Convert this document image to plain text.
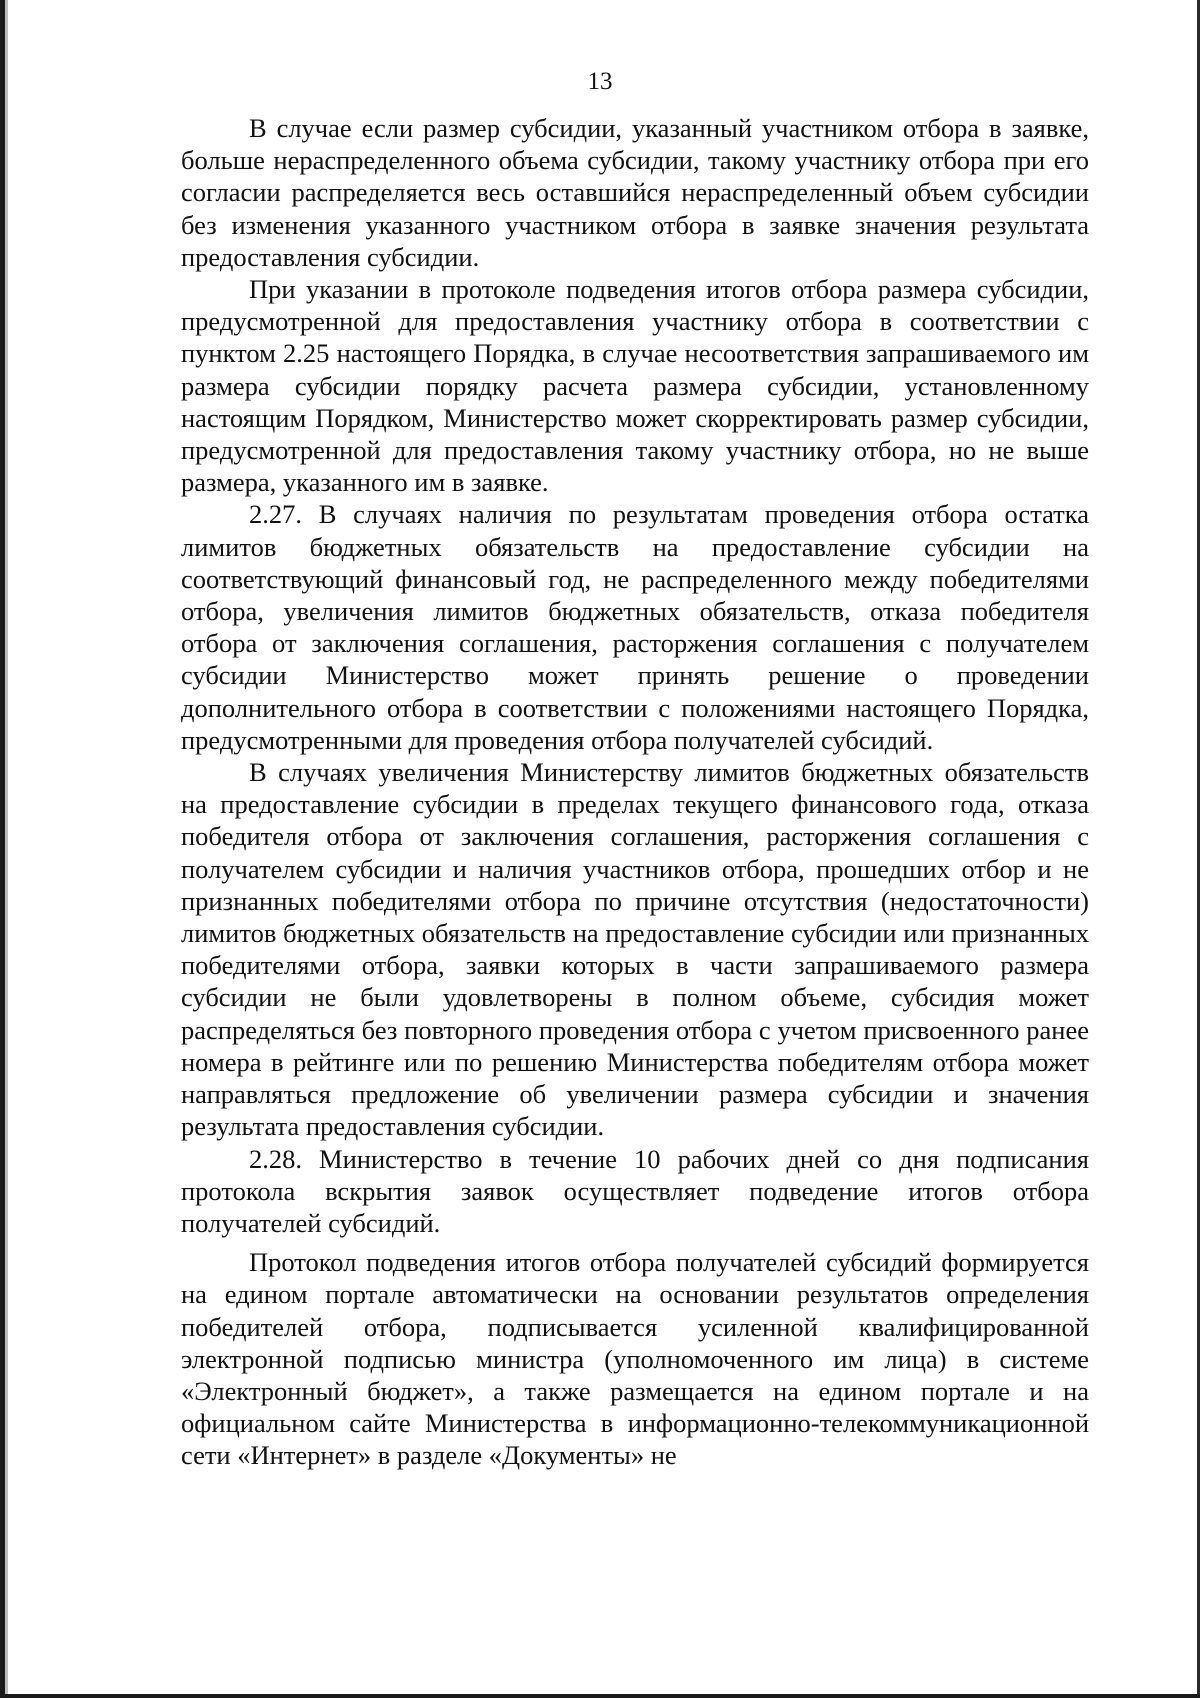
13

В случае если размер субсидии, указанный участником отбора в заявке, больше нераспределенного объема субсидии, такому участнику отбора при его согласии распределяется весь оставшийся нераспределенный объем субсидии без изменения указанного участником отбора в заявке значения результата предоставления субсидии.

При указании в протоколе подведения итогов отбора размера субсидии, предусмотренной для предоставления участнику отбора в соответствии с пунктом 2.25 настоящего Порядка, в случае несоответствия запрашиваемого им размера субсидии порядку расчета размера субсидии, установленному настоящим Порядком, Министерство может скорректировать размер субсидии, предусмотренной для предоставления такому участнику отбора, но не выше размера, указанного им в заявке.

2.27. В случаях наличия по результатам проведения отбора остатка лимитов бюджетных обязательств на предоставление субсидии на соответствующий финансовый год, не распределенного между победителями отбора, увеличения лимитов бюджетных обязательств, отказа победителя отбора от заключения соглашения, расторжения соглашения с получателем субсидии Министерство может принять решение о проведении дополнительного отбора в соответствии с положениями настоящего Порядка, предусмотренными для проведения отбора получателей субсидий.

В случаях увеличения Министерству лимитов бюджетных обязательств на предоставление субсидии в пределах текущего финансового года, отказа победителя отбора от заключения соглашения, расторжения соглашения с получателем субсидии и наличия участников отбора, прошедших отбор и не признанных победителями отбора по причине отсутствия (недостаточности) лимитов бюджетных обязательств на предоставление субсидии или признанных победителями отбора, заявки которых в части запрашиваемого размера субсидии не были удовлетворены в полном объеме, субсидия может распределяться без повторного проведения отбора с учетом присвоенного ранее номера в рейтинге или по решению Министерства победителям отбора может направляться предложение об увеличении размера субсидии и значения результата предоставления субсидии.

2.28. Министерство в течение 10 рабочих дней со дня подписания протокола вскрытия заявок осуществляет подведение итогов отбора получателей субсидий.

Протокол подведения итогов отбора получателей субсидий формируется на едином портале автоматически на основании результатов определения победителей отбора, подписывается усиленной квалифицированной электронной подписью министра (уполномоченного им лица) в системе «Электронный бюджет», а также размещается на едином портале и на официальном сайте Министерства в информационно-телекоммуникационной сети «Интернет» в разделе «Документы» не
